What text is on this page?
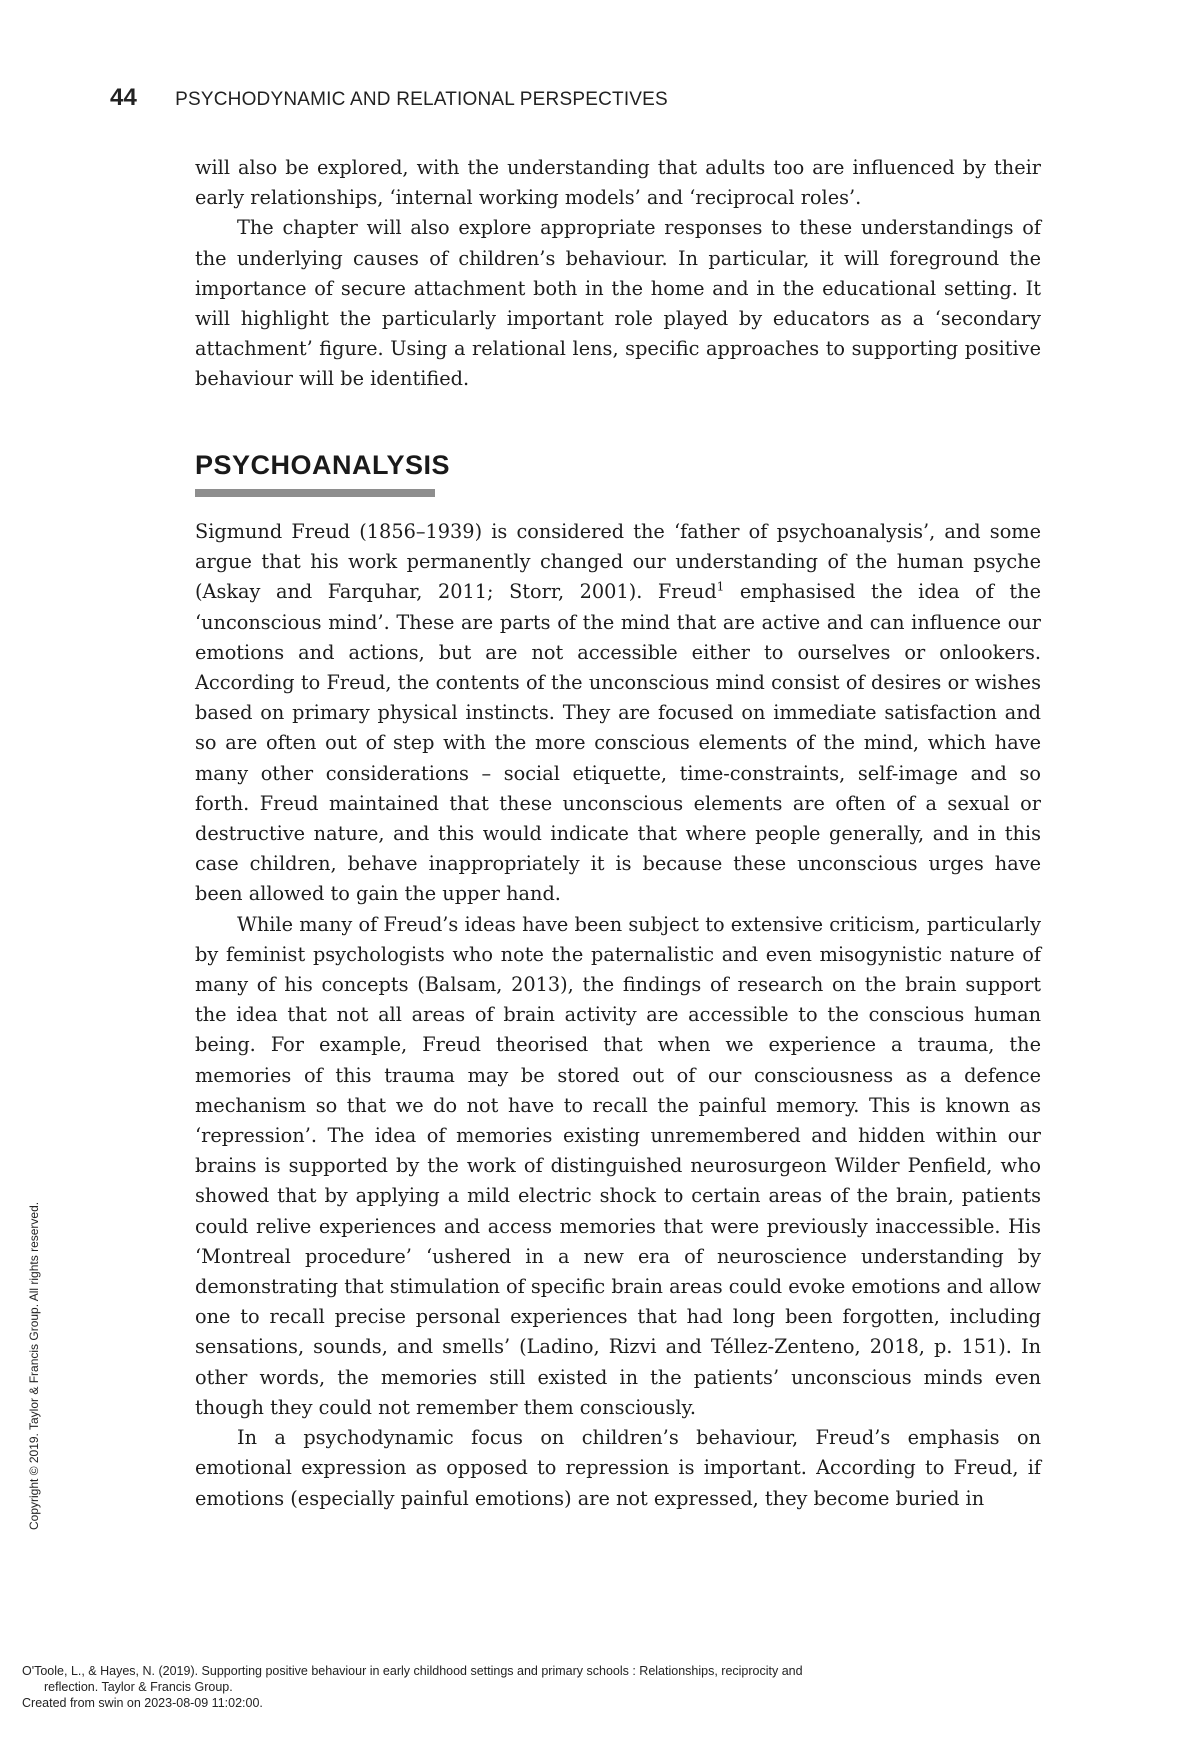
44 PSYCHODYNAMIC AND RELATIONAL PERSPECTIVES

will also be explored, with the understanding that adults too are influenced by their early relationships, ‘internal working models’ and ‘reciprocal roles’.

The chapter will also explore appropriate responses to these understandings of the underlying causes of children’s behaviour. In particular, it will foreground the importance of secure attachment both in the home and in the educational setting. It will highlight the particularly important role played by educators as a ‘secondary attachment’ figure. Using a relational lens, specific approaches to supporting positive behaviour will be identified.

PSYCHOANALYSIS

Sigmund Freud (1856–1939) is considered the ‘father of psychoanalysis’, and some argue that his work permanently changed our understanding of the human psyche (Askay and Farquhar, 2011; Storr, 2001). Freud$^1$ emphasised the idea of the ‘unconscious mind’. These are parts of the mind that are active and can influence our emotions and actions, but are not accessible either to ourselves or onlookers. According to Freud, the contents of the unconscious mind consist of desires or wishes based on primary physical instincts. They are focused on immediate satisfaction and so are often out of step with the more conscious elements of the mind, which have many other considerations – social etiquette, time-constraints, self-image and so forth. Freud maintained that these unconscious elements are often of a sexual or destructive nature, and this would indicate that where people generally, and in this case children, behave inappropriately it is because these unconscious urges have been allowed to gain the upper hand.

While many of Freud’s ideas have been subject to extensive criticism, particularly by feminist psychologists who note the paternalistic and even misogynistic nature of many of his concepts (Balsam, 2013), the findings of research on the brain support the idea that not all areas of brain activity are accessible to the conscious human being. For example, Freud theorised that when we experience a trauma, the memories of this trauma may be stored out of our consciousness as a defence mechanism so that we do not have to recall the painful memory. This is known as ‘repression’. The idea of memories existing unremembered and hidden within our brains is supported by the work of distinguished neurosurgeon Wilder Penfield, who showed that by applying a mild electric shock to certain areas of the brain, patients could relive experiences and access memories that were previously inaccessible. His ‘Montreal procedure’ ‘ushered in a new era of neuroscience understanding by demonstrating that stimulation of specific brain areas could evoke emotions and allow one to recall precise personal experiences that had long been forgotten, including sensations, sounds, and smells’ (Ladino, Rizvi and Téllez-Zenteno, 2018, p. 151). In other words, the memories still existed in the patients’ unconscious minds even though they could not remember them consciously.

In a psychodynamic focus on children’s behaviour, Freud’s emphasis on emotional expression as opposed to repression is important. According to Freud, if emotions (especially painful emotions) are not expressed, they become buried in

Copyright © 2019. Taylor & Francis Group. All rights reserved.
O'Toole, L., & Hayes, N. (2019). Supporting positive behaviour in early childhood settings and primary schools : Relationships, reciprocity and
reflection. Taylor & Francis Group.
Created from swin on 2023-08-09 11:02:00.
